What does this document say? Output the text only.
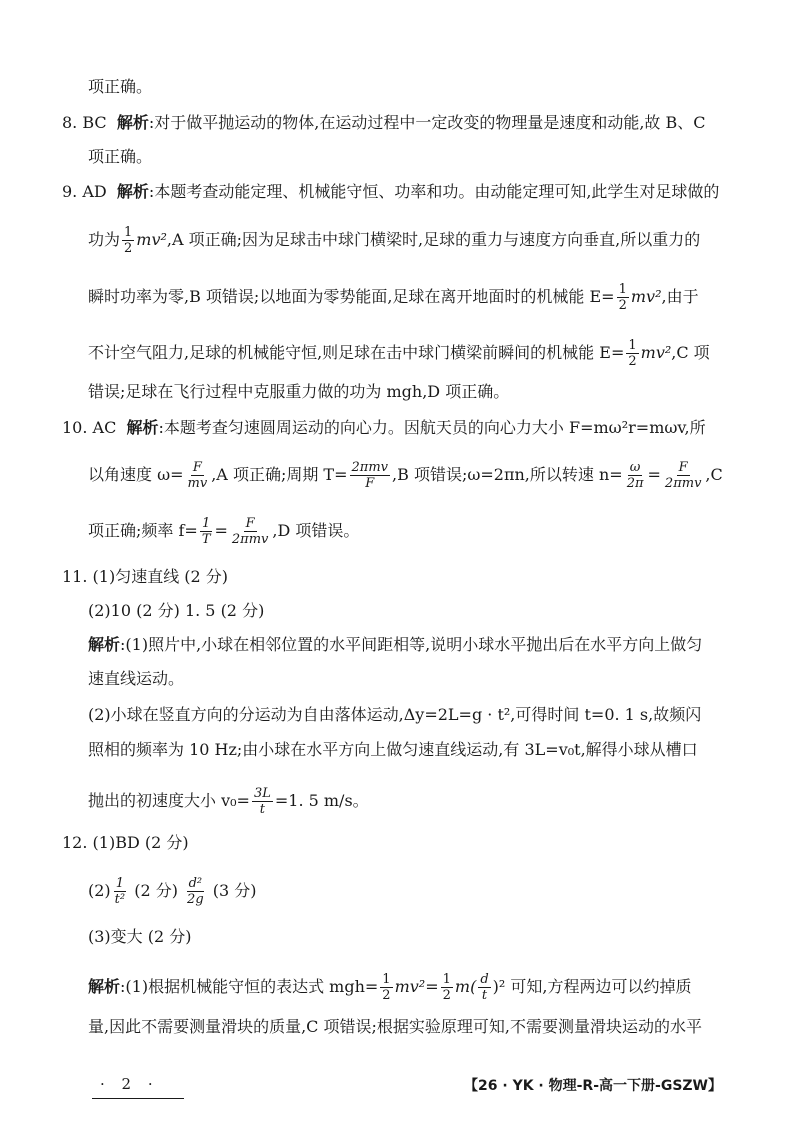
项正确。
8. BC 解析:对于做平抛运动的物体,在运动过程中一定改变的物理量是速度和动能,故 B、C
项正确。
9. AD 解析:本题考查动能定理、机械能守恒、功率和功。由动能定理可知,此学生对足球做的
功为 $\frac{1}{2} mv^2,A$ 项正确;因为足球击中球门横梁时,足球的重力与速度方向垂直,所以重力的
瞬时功率为零,B 项错误;以地面为零势能面,足球在离开地面时的机械能 $E= \frac{1}{2} mv^2$,由于
不计空气阻力,足球的机械能守恒,则足球在击中球门横梁前瞬间的机械能 $E= \frac{1}{2} mv^2,C$ 项
错误;足球在飞行过程中克服重力做的功为 mgh,D 项正确。
10. AC 解析:本题考查匀速圆周运动的向心力。因航天员的向心力大小 F=mω²r=mωv,所
以角速度 $\omega= \frac{F}{mv} ,A$ 项正确;周期 $T= \frac{\text{2πmv}}{F} ,B$ 项错误;ω=2πn,所以转速 $n= \frac{\omega}{2\pi} = \frac{F}{\text{2πmv}} ,C$
项正确;频率 $f= \frac{1}{T} = \frac{F}{\text{2πmv}} ,D$ 项错误。
11. (1)匀速直线 (2 分)
(2)10 (2 分) 1. 5 (2 分)
解析:(1)照片中,小球在相邻位置的水平间距相等,说明小球水平抛出后在水平方向上做匀
速直线运动。
(2)小球在竖直方向的分运动为自由落体运动,Δy=2L=g · t²,可得时间 t=0. 1 s,故频闪
照相的频率为 10 Hz;由小球在水平方向上做匀速直线运动,有 3L=v₀t,解得小球从槽口
抛出的初速度大小 $v_0= \frac{3L}{t} =1$. 5 m/s。
12. (1)BD (2 分)
$(2) \frac{1}{\text{t²}} (2$ 分) $\frac{\text{d²}}{2g} (3$ 分)
(3)变大 (2 分)
解析:(1)根据机械能守恒的表达式 $mgh= \frac{1}{2} mv^2= \frac{1}{2} m( \frac{d}{t} )^2$ 可知,方程两边可以约掉质
量,因此不需要测量滑块的质量,C 项错误;根据实验原理可知,不需要测量滑块运动的水平
· 2 ·	【26 · YK · 物理-R-高一下册-GSZW】
